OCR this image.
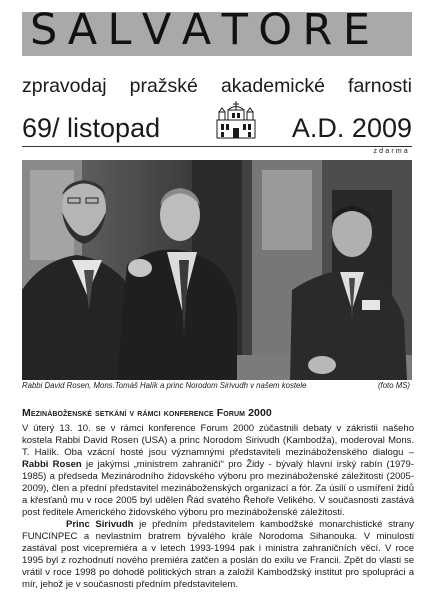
S A L V A T O R E
zpravodaj pražské akademické farnosti
69/ listopad	A.D. 2009
zdarma
Rabbi David Rosen, Mons.Tomáš Halík a princ Norodom Sirivudh v našem kostele	(foto MS)
Mezináboženské setkání v rámci konference Forum 2000

V úterý 13. 10. se v rámci konference Forum 2000 zúčastnili debaty v zákristii našeho kostela Rabbi David Rosen (USA) a princ Norodom Sirivudh (Kambodža), moderoval Mons. T. Halík. Oba vzácní hosté jsou významnými představiteli mezináboženského dialogu – Rabbi Rosen je jakýmsi „ministrem zahraničí“ pro Židy - bývalý hlavní irský rabín (1979-1985) a předseda Mezinárodního židovského výboru pro mezináboženské záležitosti (2005-2009), člen a přední představitel mezináboženských organizací a fór. Za úsilí o usmíření židů a křesťanů mu v roce 2005 byl udělen Řád svatého Řehoře Velikého. V současnosti zastává post ředitele Amerického židovského výboru pro mezináboženské záležitosti.

Princ Sirivudh je předním představitelem kambodžské monarchistické strany FUNCINPEC a nevlastním bratrem bývalého krále Norodoma Sihanouka. V minulosti zastával post vicepremiéra a v letech 1993-1994 pak i ministra zahraničních věcí. V roce 1995 byl z rozhodnutí nového premiéra zatčen a poslán do exilu ve Francii. Zpět do vlasti se vrátil v roce 1998 po dohodě politických stran a založil Kambodžský institut pro spolupráci a mír, jehož je v současnosti předním představitelem.
